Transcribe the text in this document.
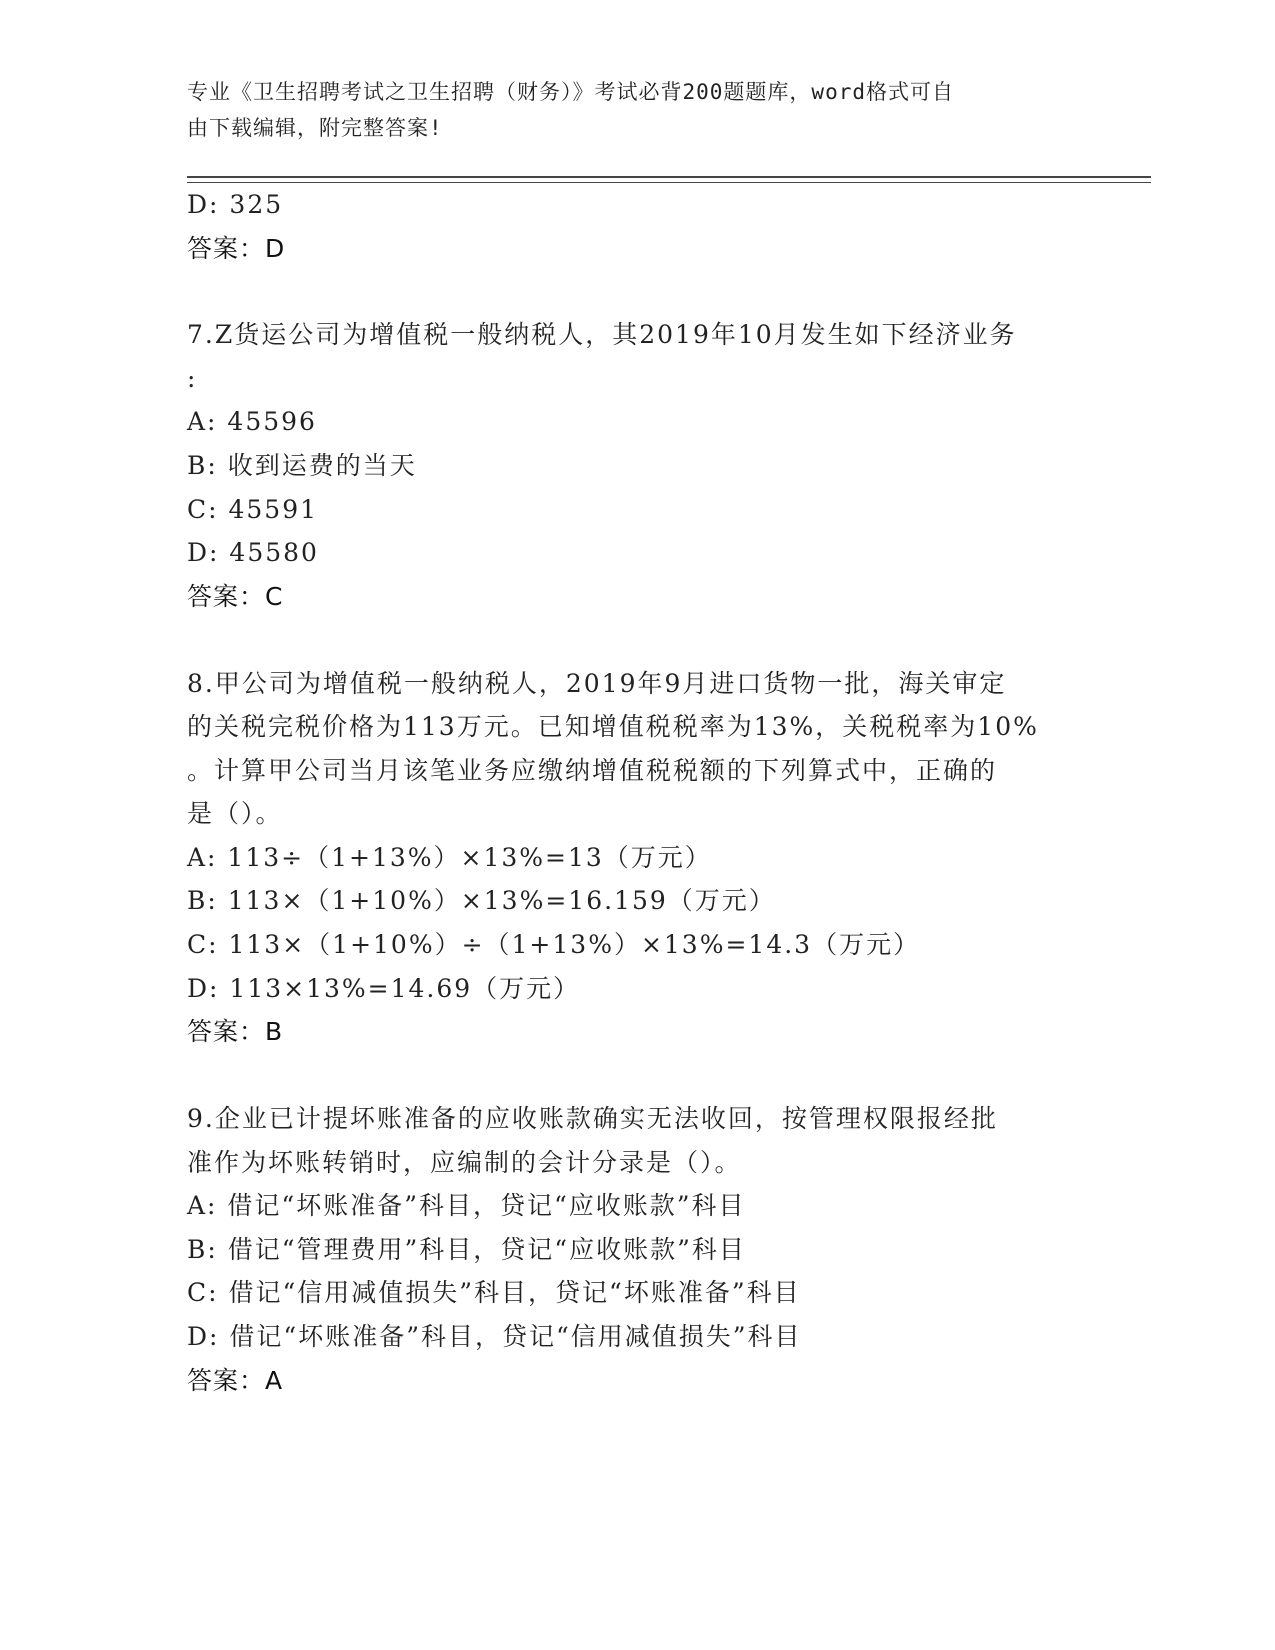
专业《卫生招聘考试之卫生招聘（财务）》考试必背200题题库，word格式可自
由下载编辑，附完整答案!
D: 325
答案：D
7.Z货运公司为增值税一般纳税人，其2019年10月发生如下经济业务
:
A: 45596
B: 收到运费的当天
C: 45591
D: 45580
答案：C
8.甲公司为增值税一般纳税人，2019年9月进口货物一批，海关审定
的关税完税价格为113万元。已知增值税税率为13%，关税税率为10%
。计算甲公司当月该笔业务应缴纳增值税税额的下列算式中，正确的
是（）。
A: 113÷（1+13%）×13%=13（万元）
B: 113×（1+10%）×13%=16.159（万元）
C: 113×（1+10%）÷（1+13%）×13%=14.3（万元）
D: 113×13%=14.69（万元）
答案：B
9.企业已计提坏账准备的应收账款确实无法收回，按管理权限报经批
准作为坏账转销时，应编制的会计分录是（）。
A: 借记“坏账准备”科目，贷记“应收账款”科目
B: 借记“管理费用”科目，贷记“应收账款”科目
C: 借记“信用减值损失”科目，贷记“坏账准备”科目
D: 借记“坏账准备”科目，贷记“信用减值损失”科目
答案：A
